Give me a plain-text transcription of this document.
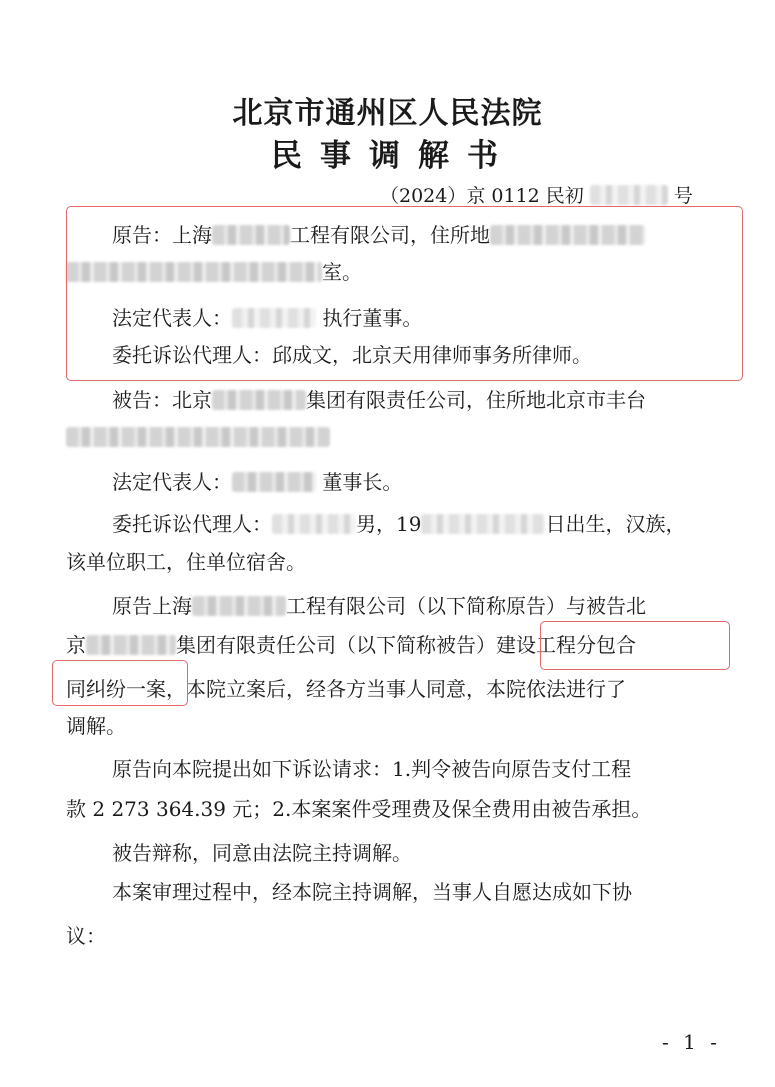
北京市通州区人民法院
民事调解书
（2024）京 0112 民初	号
原告：上海	工程有限公司，住所地
室。
法定代表人：	执行董事。
委托诉讼代理人：邱成文，北京天用律师事务所律师。
被告：北京	集团有限责任公司，住所地北京市丰台
法定代表人：	董事长。
委托诉讼代理人：	男，19	日出生，汉族，
该单位职工，住单位宿舍。
原告上海	工程有限公司（以下简称原告）与被告北
京	集团有限责任公司（以下简称被告）建设工程分包合
同纠纷一案，本院立案后，经各方当事人同意，本院依法进行了
调解。
原告向本院提出如下诉讼请求：1.判令被告向原告支付工程
款 2 273 364.39 元；2.本案案件受理费及保全费用由被告承担。
被告辩称，同意由法院主持调解。
本案审理过程中，经本院主持调解，当事人自愿达成如下协
议：
- 1 -
